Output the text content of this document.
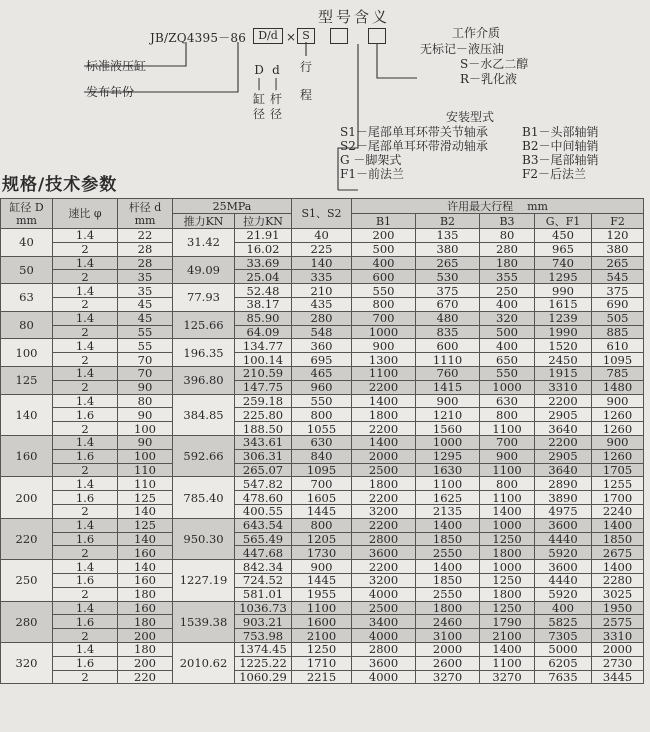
型号含义
JB/ZQ4395－86	D/d × S
标准液压缸
发布年份
D d
|	|
缸
径
杆
径
行
程
工作介质
无标记－液压油
S－水乙二醇
R－乳化液
安装型式
S1－尾部单耳环带关节轴承
S2－尾部单耳环带滑动轴承
G －脚架式
F1－前法兰
B1－头部轴销
B2－中间轴销
B3－尾部轴销
F2－后法兰
规格/技术参数
缸径 D
mm	速比 φ	杆径 d
mm	25MPa		S1、S2	许用最大行程 mm				
			推力KN	拉力KN		B1	B2	B3	G、F1	F2
40	1.4	22	31.42	21.91	40	200	135	80	450	120
	2	28		16.02	225	500	380	280	965	380
50	1.4	28	49.09	33.69	140	400	265	180	740	265
	2	35		25.04	335	600	530	355	1295	545
63	1.4	35	77.93	52.48	210	550	375	250	990	375
	2	45		38.17	435	800	670	400	1615	690
80	1.4	45	125.66	85.90	280	700	480	320	1239	505
	2	55		64.09	548	1000	835	500	1990	885
100	1.4	55	196.35	134.77	360	900	600	400	1520	610
	2	70		100.14	695	1300	1110	650	2450	1095
125	1.4	70	396.80	210.59	465	1100	760	550	1915	785
	2	90		147.75	960	2200	1415	1000	3310	1480
140	1.4	80	384.85	259.18	550	1400	900	630	2200	900
	1.6	90		225.80	800	1800	1210	800	2905	1260
	2	100		188.50	1055	2200	1560	1100	3640	1260
160	1.4	90	592.66	343.61	630	1400	1000	700	2200	900
	1.6	100		306.31	840	2000	1295	900	2905	1260
	2	110		265.07	1095	2500	1630	1100	3640	1705
200	1.4	110	785.40	547.82	700	1800	1100	800	2890	1255
	1.6	125		478.60	1605	2200	1625	1100	3890	1700
	2	140		400.55	1445	3200	2135	1400	4975	2240
220	1.4	125	950.30	643.54	800	2200	1400	1000	3600	1400
	1.6	140		565.49	1205	2800	1850	1250	4440	1850
	2	160		447.68	1730	3600	2550	1800	5920	2675
250	1.4	140	1227.19	842.34	900	2200	1400	1000	3600	1400
	1.6	160		724.52	1445	3200	1850	1250	4440	2280
	2	180		581.01	1955	4000	2550	1800	5920	3025
280	1.4	160	1539.38	1036.73	1100	2500	1800	1250	400	1950
	1.6	180		903.21	1600	3400	2460	1790	5825	2575
	2	200		753.98	2100	4000	3100	2100	7305	3310
320	1.4	180	2010.62	1374.45	1250	2800	2000	1400	5000	2000
	1.6	200		1225.22	1710	3600	2600	1100	6205	2730
	2	220		1060.29	2215	4000	3270	3270	7635	3445
